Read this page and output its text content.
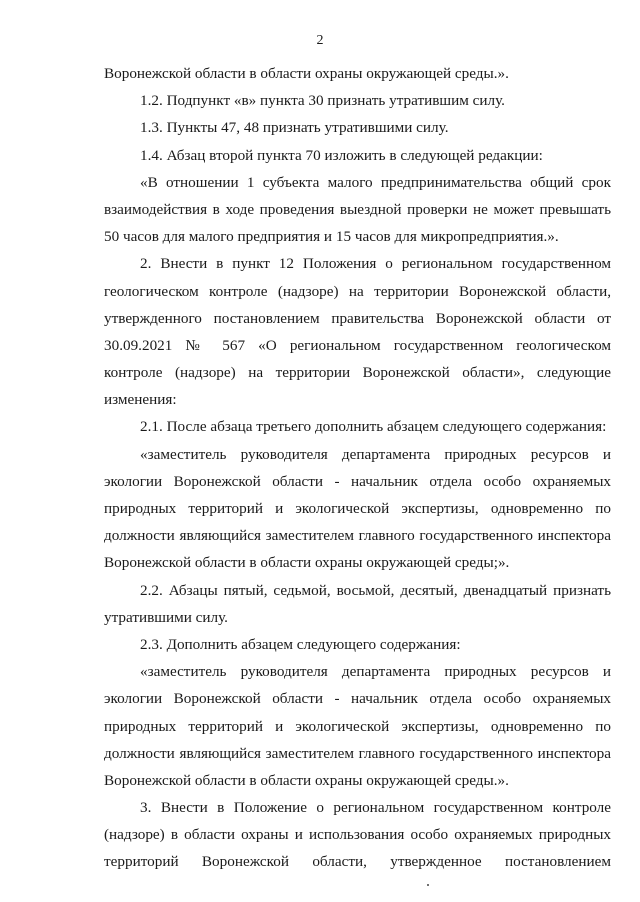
2
Воронежской области в области охраны окружающей среды.».
1.2. Подпункт «в» пункта 30 признать утратившим силу.
1.3. Пункты 47, 48 признать утратившими силу.
1.4. Абзац второй пункта 70 изложить в следующей редакции:
«В отношении 1 субъекта малого предпринимательства общий срок
взаимодействия в ходе проведения выездной проверки не может превышать
50 часов для малого предприятия и 15 часов для микропредприятия.».
2. Внести в пункт 12 Положения о региональном государственном
геологическом контроле (надзоре) на территории Воронежской области,
утвержденного постановлением правительства Воронежской области от
30.09.2021 № 567 «О региональном государственном геологическом
контроле (надзоре) на территории Воронежской области», следующие
изменения:
2.1. После абзаца третьего дополнить абзацем следующего содержания:
«заместитель руководителя департамента природных ресурсов и
экологии Воронежской области - начальник отдела особо охраняемых
природных территорий и экологической экспертизы, одновременно по
должности являющийся заместителем главного государственного инспектора
Воронежской области в области охраны окружающей среды;».
2.2. Абзацы пятый, седьмой, восьмой, десятый, двенадцатый признать
утратившими силу.
2.3. Дополнить абзацем следующего содержания:
«заместитель руководителя департамента природных ресурсов и
экологии Воронежской области - начальник отдела особо охраняемых
природных территорий и экологической экспертизы, одновременно по
должности являющийся заместителем главного государственного инспектора
Воронежской области в области охраны окружающей среды.».
3. Внести в Положение о региональном государственном контроле
(надзоре) в области охраны и использования особо охраняемых природных
территорий Воронежской области, утвержденное постановлением
